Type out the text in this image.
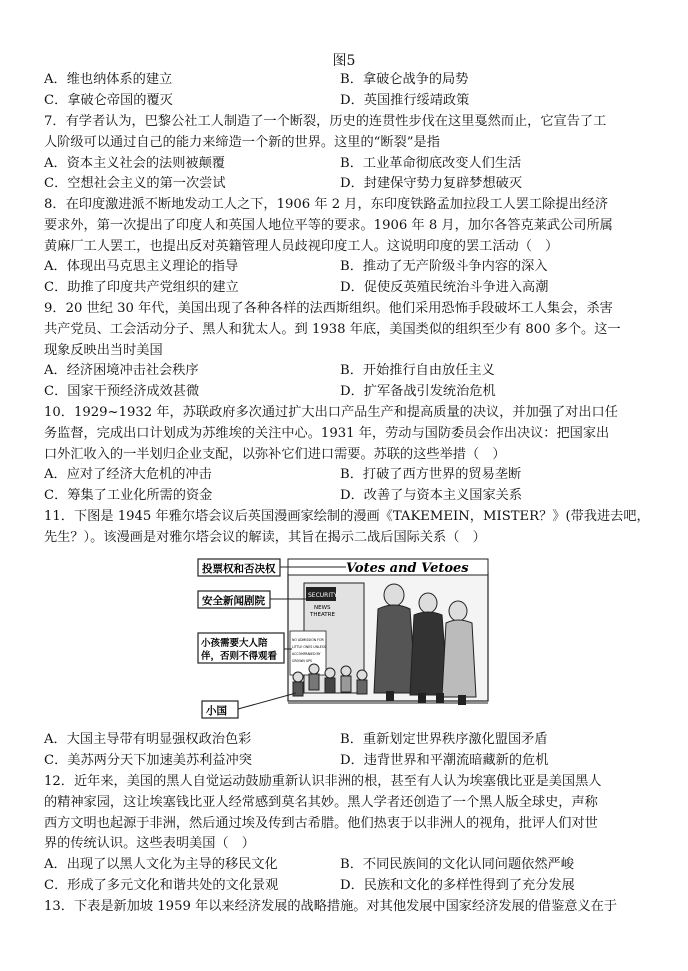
图5
A．维也纳体系的建立	B．拿破仑战争的局势
C．拿破仑帝国的覆灭	D．英国推行绥靖政策
7．有学者认为，巴黎公社工人制造了一个断裂，历史的连贯性步伐在这里戛然而止，它宣告了工
人阶级可以通过自己的能力来缔造一个新的世界。这里的“断裂”是指
A．资本主义社会的法则被颠覆	B．工业革命彻底改变人们生活
C．空想社会主义的第一次尝试	D．封建保守势力复辟梦想破灭
8．在印度激进派不断地发动工人之下，1906 年 2 月，东印度铁路孟加拉段工人罢工除提出经济
要求外，第一次提出了印度人和英国人地位平等的要求。1906 年 8 月，加尔各答克莱武公司所属
黄麻厂工人罢工，也提出反对英籍管理人员歧视印度工人。这说明印度的罢工活动（　）
A．体现出马克思主义理论的指导	B．推动了无产阶级斗争内容的深入
C．助推了印度共产党组织的建立	D．促使反英殖民统治斗争进入高潮
9．20 世纪 30 年代，美国出现了各种各样的法西斯组织。他们采用恐怖手段破坏工人集会，杀害
共产党员、工会活动分子、黑人和犹太人。到 1938 年底，美国类似的组织至少有 800 多个。这一
现象反映出当时美国
A．经济困境冲击社会秩序	B．开始推行自由放任主义
C．国家干预经济成效甚微	D．扩军备战引发统治危机
10．1929~1932 年，苏联政府多次通过扩大出口产品生产和提高质量的决议，并加强了对出口任
务监督，完成出口计划成为苏维埃的关注中心。1931 年，劳动与国防委员会作出决议：把国家出
口外汇收入的一半划归企业支配，以弥补它们进口需要。苏联的这些举措（　）
A．应对了经济大危机的冲击	B．打破了西方世界的贸易垄断
C．筹集了工业化所需的资金	D．改善了与资本主义国家关系
11．下图是 1945 年雅尔塔会议后英国漫画家绘制的漫画《TAKEMEIN，MISTER？》(带我进去吧，
先生？）。该漫画是对雅尔塔会议的解读，其旨在揭示二战后国际关系（　）
Votes and Vetoes
SECURITY
NEWS
THEATRE
NO ADMISSION FOR
LITTLE ONES UNLESS
ACCOMPANIED BY
GROWN UPS
投票权和否决权
安全新闻剧院
小孩需要大人陪
伴，否则不得观看
小国
A．大国主导带有明显强权政治色彩	B．重新划定世界秩序激化盟国矛盾
C．美苏两分天下加速美苏利益冲突	D．违背世界和平潮流暗藏新的危机
12．近年来，美国的黑人自觉运动鼓励重新认识非洲的根，甚至有人认为埃塞俄比亚是美国黑人
的精神家园，这让埃塞钱比亚人经常感到莫名其妙。黑人学者还创造了一个黑人版全球史，声称
西方文明也起源于非洲，然后通过埃及传到古希腊。他们热衷于以非洲人的视角，批评人们对世
界的传统认识。这些表明美国（　）
A．出现了以黑人文化为主导的移民文化	B．不同民族间的文化认同问题依然严峻
C．形成了多元文化和谐共处的文化景观	D．民族和文化的多样性得到了充分发展
13．下表是新加坡 1959 年以来经济发展的战略措施。对其他发展中国家经济发展的借鉴意义在于
